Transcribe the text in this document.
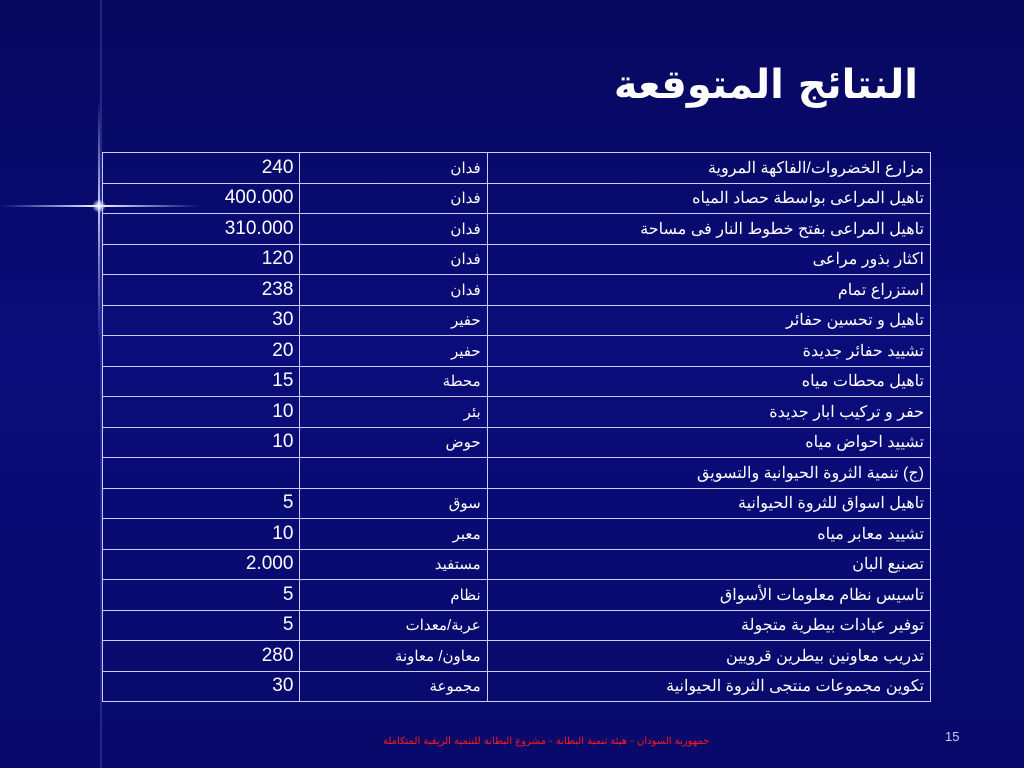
النتائج المتوقعة
مزارع الخضروات/الفاكهة المروية	فدان	240
تاهيل المراعى بواسطة حصاد المياه	فدان	400.000
تاهيل المراعى بفتح خطوط النار فى مساحة	فدان	310.000
اكثار بذور مراعى	فدان	120
استزراع تمام	فدان	238
تاهيل و تحسين حفائر	حفير	30
تشييد حفائر جديدة	حفير	20
تاهيل محطات مياه	محطة	15
حفر و تركيب ابار جديدة	بئر	10
تشييد احواض مياه	حوض	10
(ج) تنمية الثروة الحيوانية والتسويق		
تاهيل اسواق للثروة الحيوانية	سوق	5
تشييد معابر مياه	معبر	10
تصنيع البان	مستفيد	2.000
تاسيس نظام معلومات الأسواق	نظام	5
توفير عيادات بيطرية متجولة	عربة/معدات	5
تدريب معاونين بيطرين قرويين	معاون/ معاونة	280
تكوين مجموعات منتجى الثروة الحيوانية	مجموعة	30
جمهورية السودان - هيئة تنمية البطانة - مشروع البطانة للتنمية الريفية المتكاملة	15
